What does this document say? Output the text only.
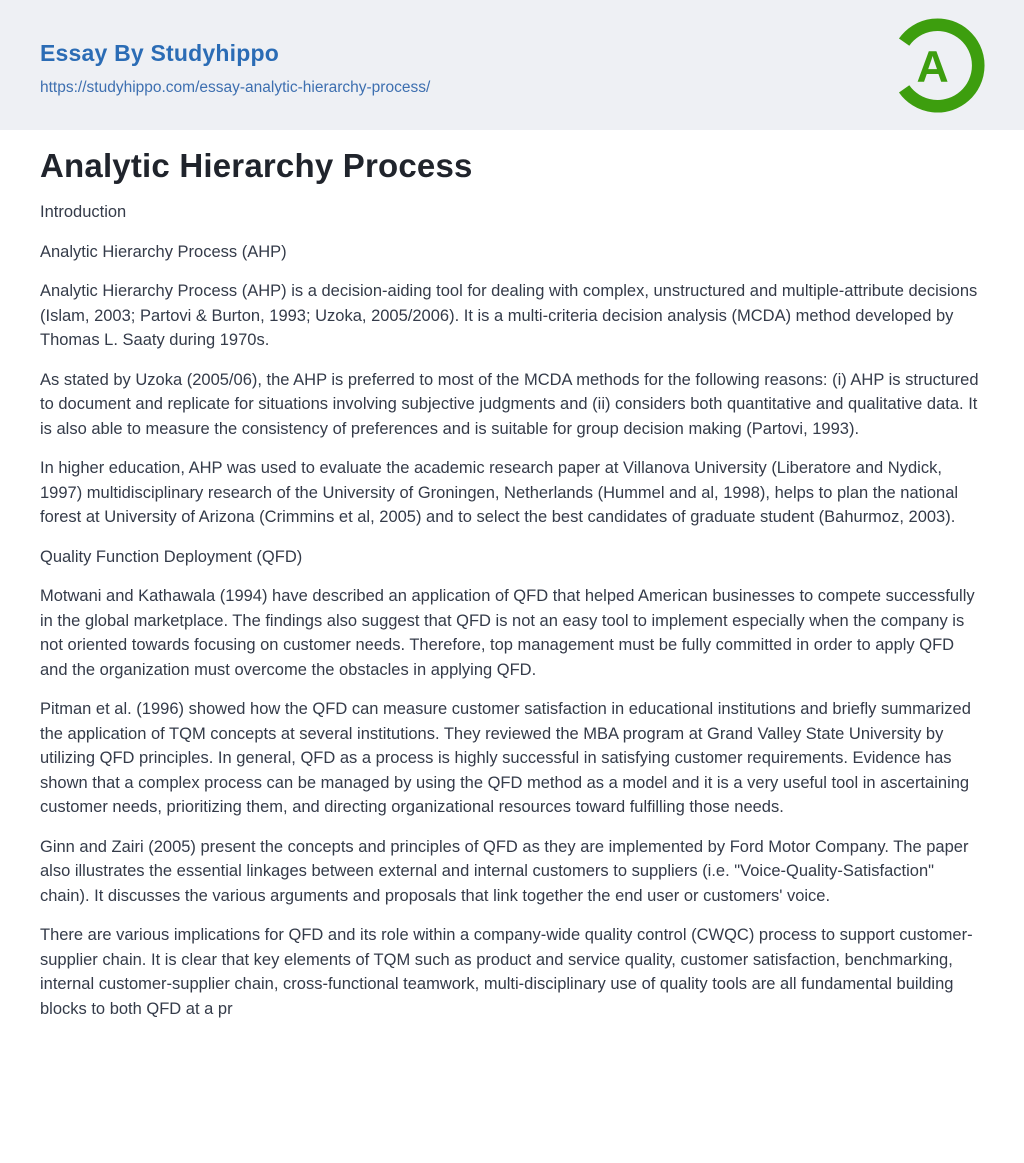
Essay By Studyhippo
https://studyhippo.com/essay-analytic-hierarchy-process/	A
Analytic Hierarchy Process

Introduction

Analytic Hierarchy Process (AHP)

Analytic Hierarchy Process (AHP) is a decision-aiding tool for dealing with complex, unstructured and multiple-attribute decisions (Islam, 2003; Partovi & Burton, 1993; Uzoka, 2005/2006). It is a multi-criteria decision analysis (MCDA) method developed by Thomas L. Saaty during 1970s.

As stated by Uzoka (2005/06), the AHP is preferred to most of the MCDA methods for the following reasons: (i) AHP is structured to document and replicate for situations involving subjective judgments and (ii) considers both quantitative and qualitative data. It is also able to measure the consistency of preferences and is suitable for group decision making (Partovi, 1993).

In higher education, AHP was used to evaluate the academic research paper at Villanova University (Liberatore and Nydick, 1997) multidisciplinary research of the University of Groningen, Netherlands (Hummel and al, 1998), helps to plan the national forest at University of Arizona (Crimmins et al, 2005) and to select the best candidates of graduate student (Bahurmoz, 2003).

Quality Function Deployment (QFD)

Motwani and Kathawala (1994) have described an application of QFD that helped American businesses to compete successfully in the global marketplace. The findings also suggest that QFD is not an easy tool to implement especially when the company is not oriented towards focusing on customer needs. Therefore, top management must be fully committed in order to apply QFD and the organization must overcome the obstacles in applying QFD.

Pitman et al. (1996) showed how the QFD can measure customer satisfaction in educational institutions and briefly summarized the application of TQM concepts at several institutions. They reviewed the MBA program at Grand Valley State University by utilizing QFD principles. In general, QFD as a process is highly successful in satisfying customer requirements. Evidence has shown that a complex process can be managed by using the QFD method as a model and it is a very useful tool in ascertaining customer needs, prioritizing them, and directing organizational resources toward fulfilling those needs.

Ginn and Zairi (2005) present the concepts and principles of QFD as they are implemented by Ford Motor Company. The paper also illustrates the essential linkages between external and internal customers to suppliers (i.e. "Voice-Quality-Satisfaction" chain). It discusses the various arguments and proposals that link together the end user or customers' voice.

There are various implications for QFD and its role within a company-wide quality control (CWQC) process to support customer-supplier chain. It is clear that key elements of TQM such as product and service quality, customer satisfaction, benchmarking, internal customer-supplier chain, cross-functional teamwork, multi-disciplinary use of quality tools are all fundamental building blocks to both QFD at a pr
